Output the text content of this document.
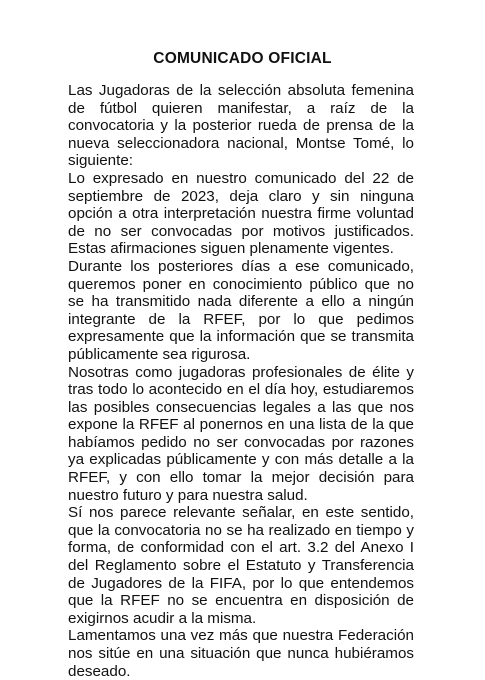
COMUNICADO OFICIAL

Las Jugadoras de la selección absoluta femenina de fútbol quieren manifestar, a raíz de la convocatoria y la posterior rueda de prensa de la nueva seleccionadora nacional, Montse Tomé, lo siguiente:

Lo expresado en nuestro comunicado del 22 de septiembre de 2023, deja claro y sin ninguna opción a otra interpretación nuestra firme voluntad de no ser convocadas por motivos justificados. Estas afirmaciones siguen plenamente vigentes.

Durante los posteriores días a ese comunicado, queremos poner en conocimiento público que no se ha transmitido nada diferente a ello a ningún integrante de la RFEF, por lo que pedimos expresamente que la información que se transmita públicamente sea rigurosa.

Nosotras como jugadoras profesionales de élite y tras todo lo acontecido en el día hoy, estudiaremos las posibles consecuencias legales a las que nos expone la RFEF al ponernos en una lista de la que habíamos pedido no ser convocadas por razones ya explicadas públicamente y con más detalle a la RFEF, y con ello tomar la mejor decisión para nuestro futuro y para nuestra salud.

Sí nos parece relevante señalar, en este sentido, que la convocatoria no se ha realizado en tiempo y forma, de conformidad con el art. 3.2 del Anexo I del Reglamento sobre el Estatuto y Transferencia de Jugadores de la FIFA, por lo que entendemos que la RFEF no se encuentra en disposición de exigirnos acudir a la misma.

Lamentamos una vez más que nuestra Federación nos sitúe en una situación que nunca hubiéramos deseado.
